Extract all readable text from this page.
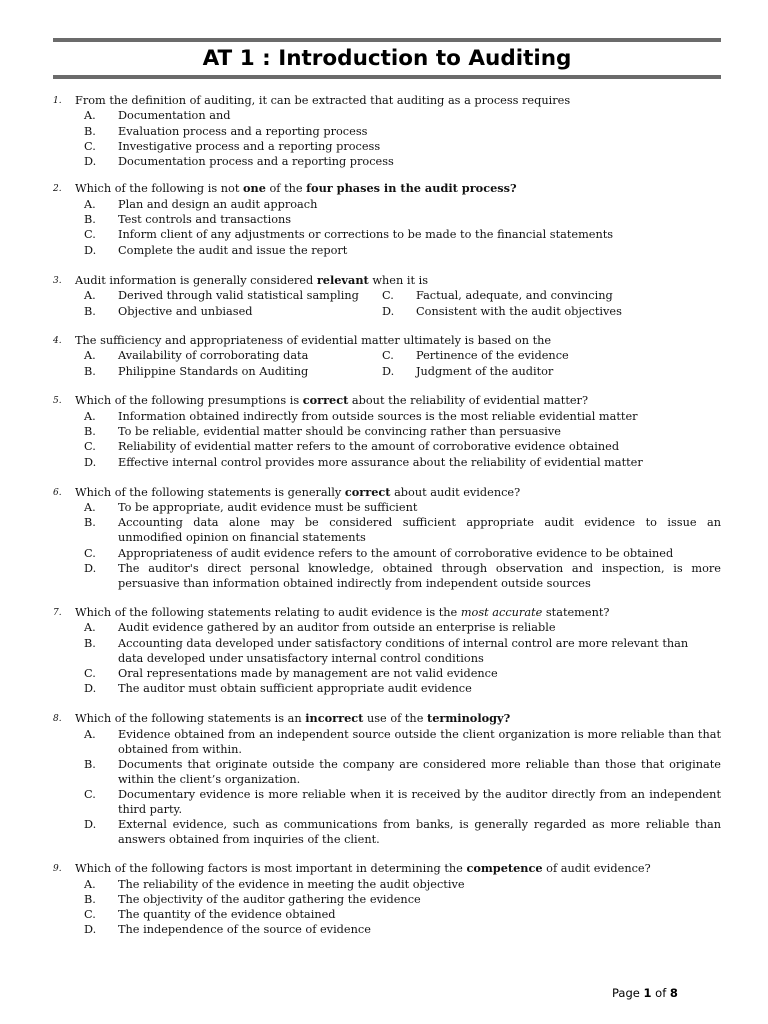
AT 1 : Introduction to Auditing
1.	From the definition of auditing, it can be extracted that auditing as a process requires
A.	Documentation and
B.	Evaluation process and a reporting process
C.	Investigative process and a reporting process
D.	Documentation process and a reporting process
2.	Which of the following is not one of the four phases in the audit process?
A.	Plan and design an audit approach
B.	Test controls and transactions
C.	Inform client of any adjustments or corrections to be made to the financial statements
D.	Complete the audit and issue the report
3.	Audit information is generally considered relevant when it is
A.	Derived through valid statistical sampling C.	Factual, adequate, and convincing
B.	Objective and unbiased	D.	Consistent with the audit objectives
4.	The sufficiency and appropriateness of evidential matter ultimately is based on the
A.	Availability of corroborating data	C.	Pertinence of the evidence
B.	Philippine Standards on Auditing	D.	Judgment of the auditor
5.	Which of the following presumptions is correct about the reliability of evidential matter?
A.	Information obtained indirectly from outside sources is the most reliable evidential matter
B.	To be reliable, evidential matter should be convincing rather than persuasive
C.	Reliability of evidential matter refers to the amount of corroborative evidence obtained
D.	Effective internal control provides more assurance about the reliability of evidential matter
6.	Which of the following statements is generally correct about audit evidence?
A.	To be appropriate, audit evidence must be sufficient
B.	Accounting data alone may be considered sufficient appropriate audit evidence to issue an
unmodified opinion on financial statements
C.	Appropriateness of audit evidence refers to the amount of corroborative evidence to be obtained
D.	The auditor's direct personal knowledge, obtained through observation and inspection, is more
persuasive than information obtained indirectly from independent outside sources
7.	Which of the following statements relating to audit evidence is the most accurate statement?
A.	Audit evidence gathered by an auditor from outside an enterprise is reliable
B.	Accounting data developed under satisfactory conditions of internal control are more relevant than
data developed under unsatisfactory internal control conditions
C.	Oral representations made by management are not valid evidence
D.	The auditor must obtain sufficient appropriate audit evidence
8.	Which of the following statements is an incorrect use of the terminology?
A.	Evidence obtained from an independent source outside the client organization is more reliable than that
obtained from within.
B.	Documents that originate outside the company are considered more reliable than those that originate
within the client’s organization.
C.	Documentary evidence is more reliable when it is received by the auditor directly from an independent
third party.
D.	External evidence, such as communications from banks, is generally regarded as more reliable than
answers obtained from inquiries of the client.
9.	Which of the following factors is most important in determining the competence of audit evidence?
A.	The reliability of the evidence in meeting the audit objective
B.	The objectivity of the auditor gathering the evidence
C.	The quantity of the evidence obtained
D.	The independence of the source of evidence
Page 1 of 8
